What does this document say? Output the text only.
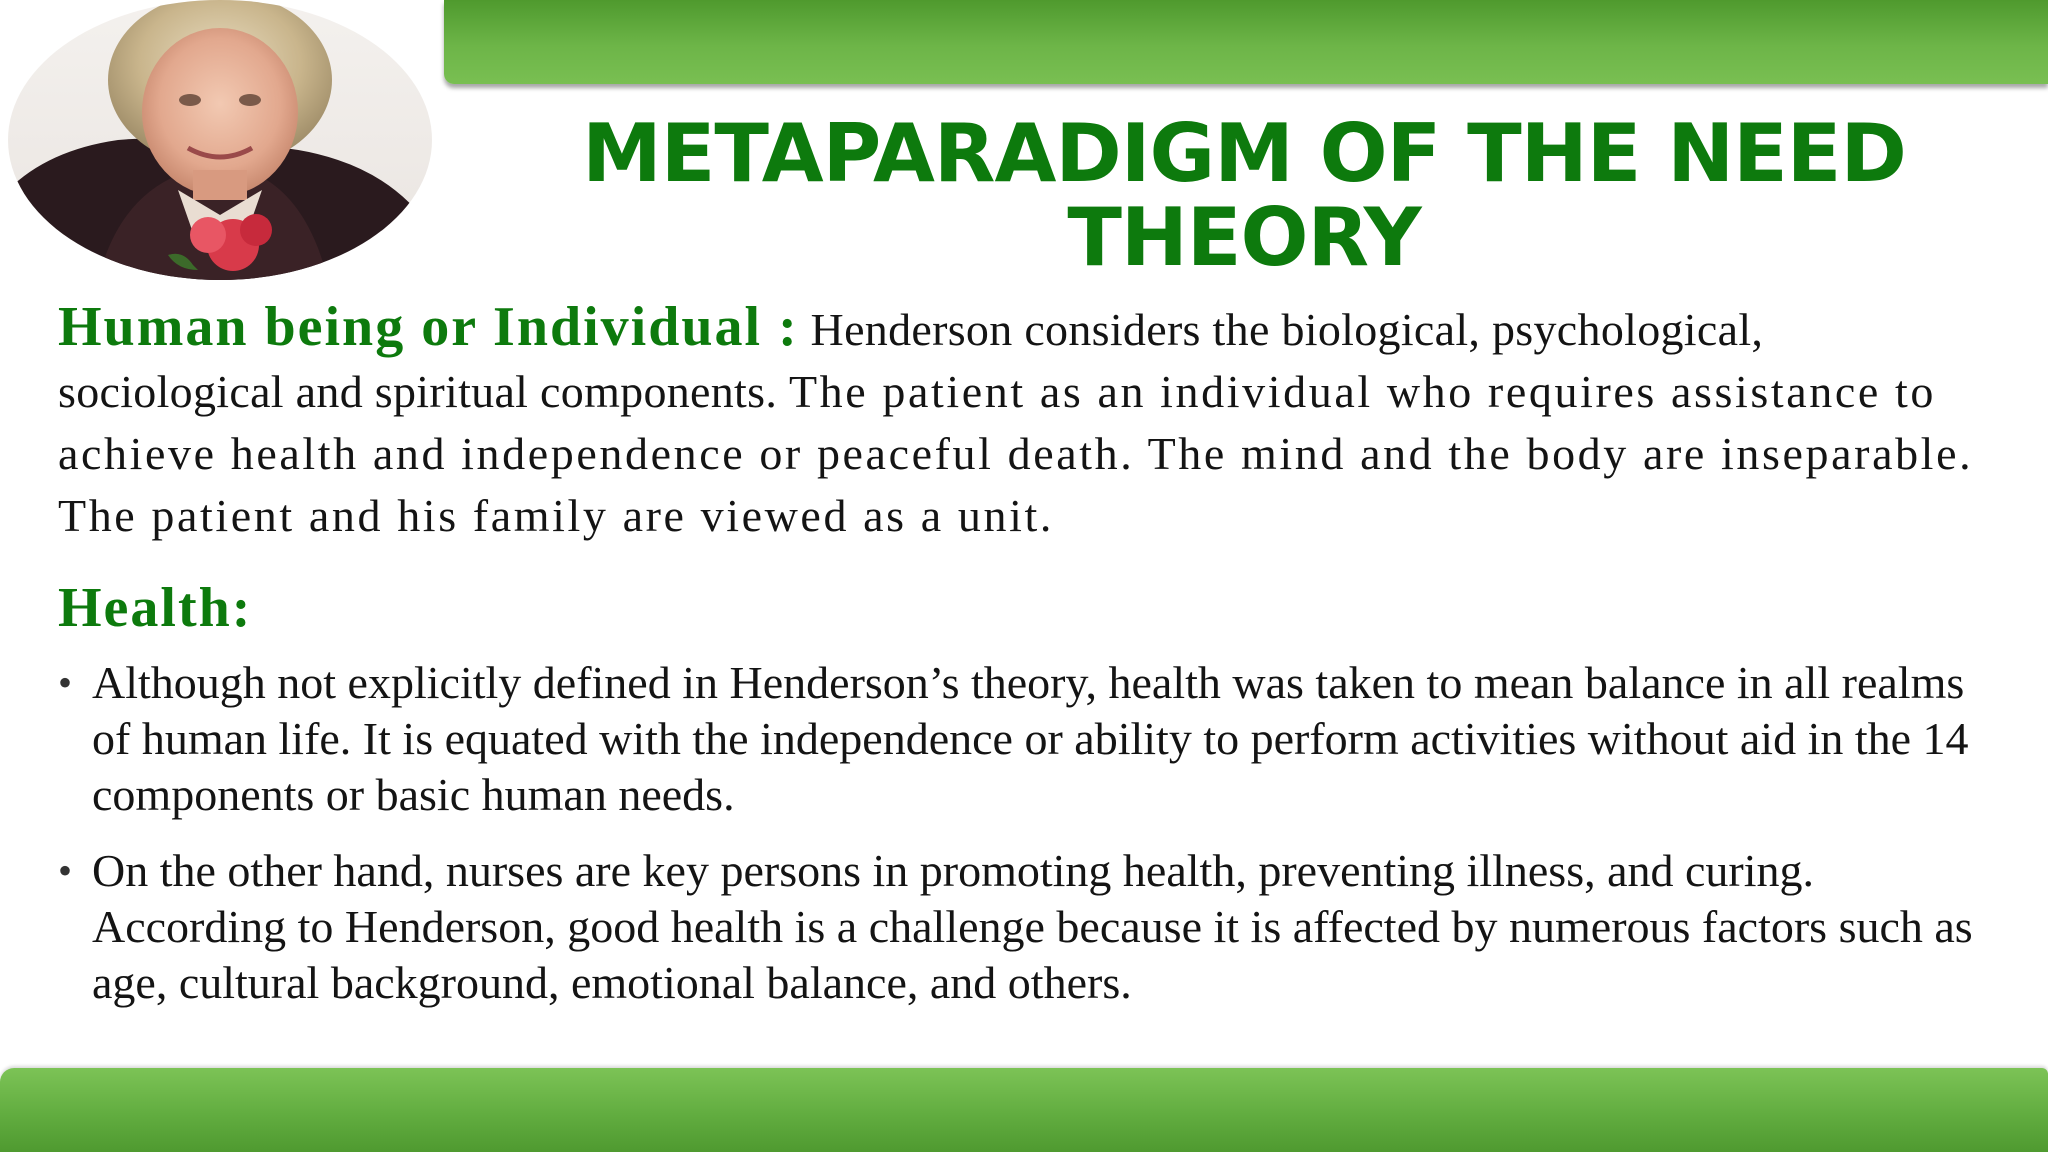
METAPARADIGM OF THE NEED
THEORY

Human being or Individual : Henderson considers the biological, psychological, sociological and spiritual components. The patient as an individual who requires assistance to achieve health and independence or peaceful death. The mind and the body are inseparable. The patient and his family are viewed as a unit.

Health:
• Although not explicitly defined in Henderson’s theory, health was taken to mean balance in all realms of human life. It is equated with the independence or ability to perform activities without aid in the 14 components or basic human needs.
• On the other hand, nurses are key persons in promoting health, preventing illness, and curing. According to Henderson, good health is a challenge because it is affected by numerous factors such as age, cultural background, emotional balance, and others.
